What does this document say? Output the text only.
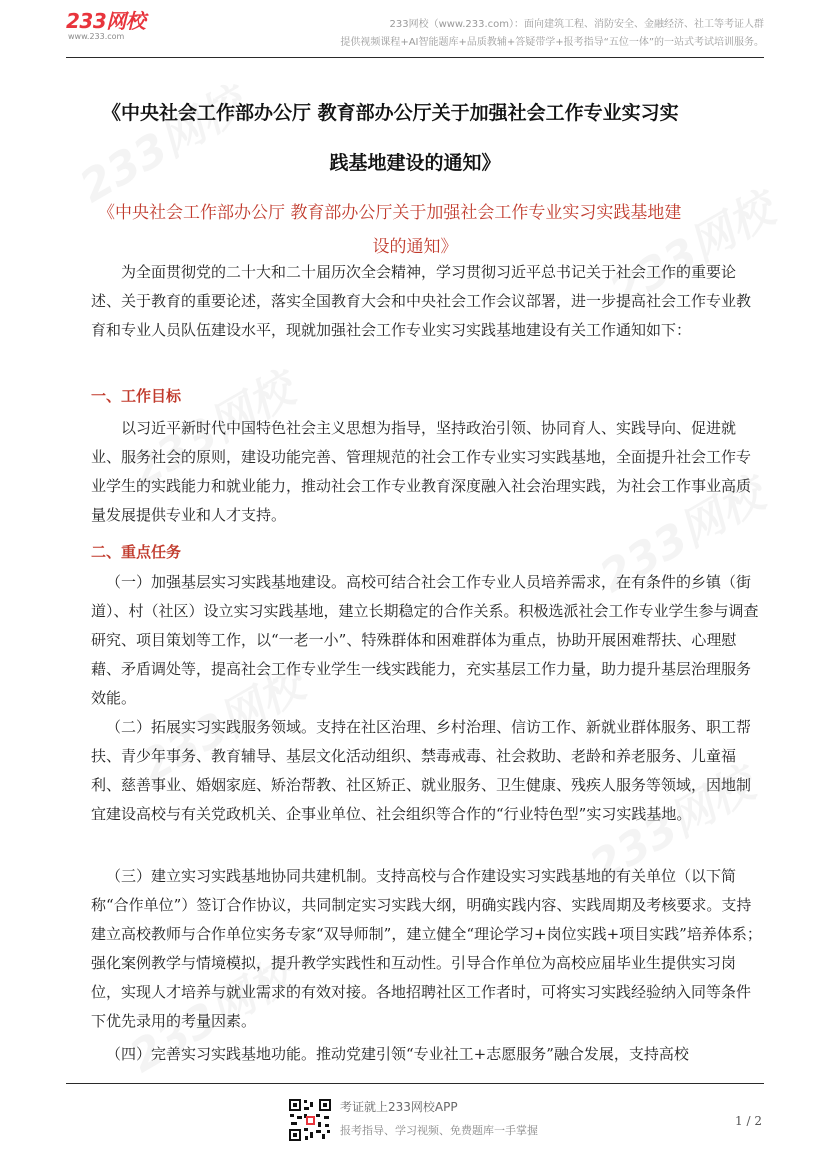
233网校
www.233.com
233网校（www.233.com）：面向建筑工程、消防安全、金融经济、社工等考证人群
提供视频课程+AI智能题库+品质教辅+答疑带学+报考指导“五位一体”的一站式考试培训服务。
《中央社会工作部办公厅 教育部办公厅关于加强社会工作专业实习实
践基地建设的通知》
《中央社会工作部办公厅 教育部办公厅关于加强社会工作专业实习实践基地建
设的通知》
为全面贯彻党的二十大和二十届历次全会精神，学习贯彻习近平总书记关于社会工作的重要论述、关于教育的重要论述，落实全国教育大会和中央社会工作会议部署，进一步提高社会工作专业教育和专业人员队伍建设水平，现就加强社会工作专业实习实践基地建设有关工作通知如下：
一、工作目标
以习近平新时代中国特色社会主义思想为指导，坚持政治引领、协同育人、实践导向、促进就业、服务社会的原则，建设功能完善、管理规范的社会工作专业实习实践基地，全面提升社会工作专业学生的实践能力和就业能力，推动社会工作专业教育深度融入社会治理实践，为社会工作事业高质量发展提供专业和人才支持。
二、重点任务
（一）加强基层实习实践基地建设。高校可结合社会工作专业人员培养需求，在有条件的乡镇（街道）、村（社区）设立实习实践基地，建立长期稳定的合作关系。积极选派社会工作专业学生参与调查研究、项目策划等工作，以“一老一小”、特殊群体和困难群体为重点，协助开展困难帮扶、心理慰藉、矛盾调处等，提高社会工作专业学生一线实践能力，充实基层工作力量，助力提升基层治理服务效能。
（二）拓展实习实践服务领域。支持在社区治理、乡村治理、信访工作、新就业群体服务、职工帮扶、青少年事务、教育辅导、基层文化活动组织、禁毒戒毒、社会救助、老龄和养老服务、儿童福利、慈善事业、婚姻家庭、矫治帮教、社区矫正、就业服务、卫生健康、残疾人服务等领域，因地制宜建设高校与有关党政机关、企事业单位、社会组织等合作的“行业特色型”实习实践基地。
（三）建立实习实践基地协同共建机制。支持高校与合作建设实习实践基地的有关单位（以下简称“合作单位”）签订合作协议，共同制定实习实践大纲，明确实践内容、实践周期及考核要求。支持建立高校教师与合作单位实务专家“双导师制”，建立健全“理论学习+岗位实践+项目实践”培养体系；强化案例教学与情境模拟，提升教学实践性和互动性。引导合作单位为高校应届毕业生提供实习岗位，实现人才培养与就业需求的有效对接。各地招聘社区工作者时，可将实习实践经验纳入同等条件下优先录用的考量因素。
（四）完善实习实践基地功能。推动党建引领“专业社工+志愿服务”融合发展，支持高校
考证就上233网校APP
报考指导、学习视频、免费题库一手掌握
1 / 2
